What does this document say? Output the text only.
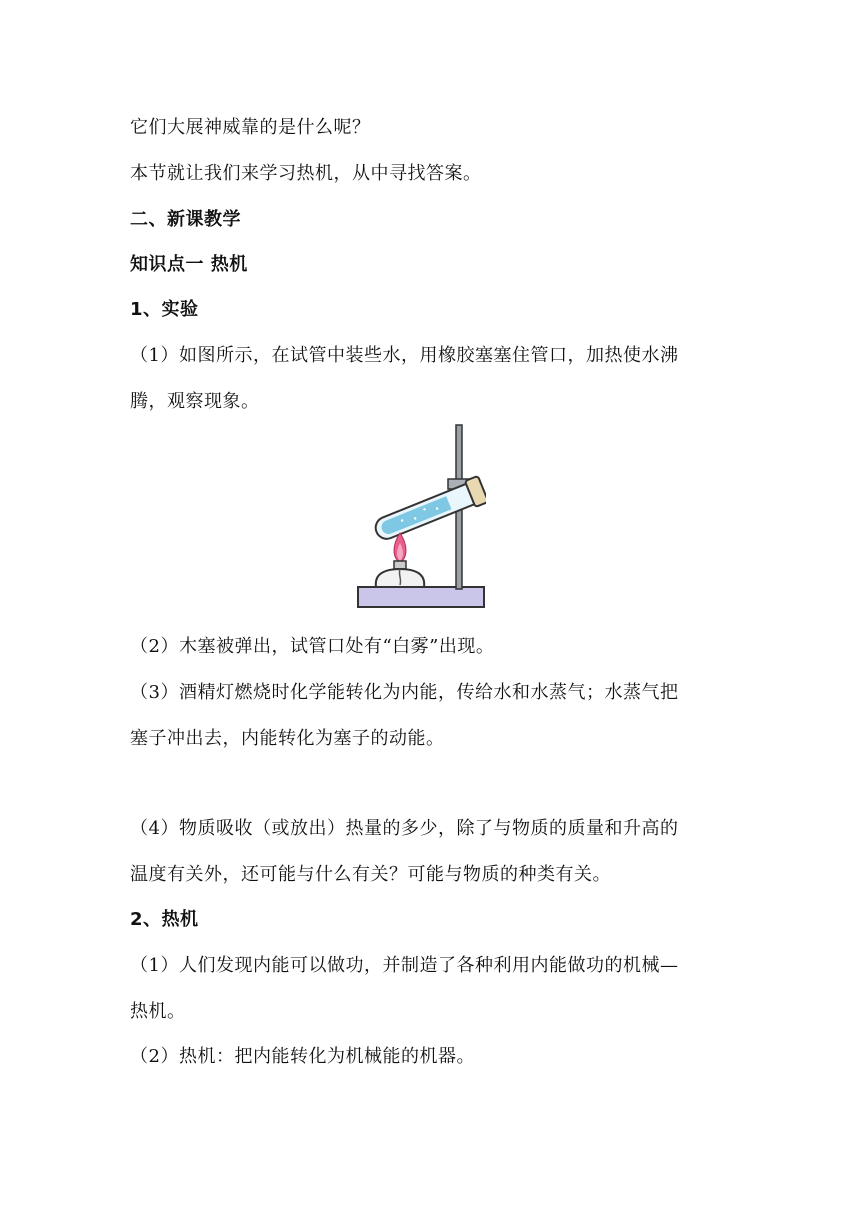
它们大展神威靠的是什么呢？
本节就让我们来学习热机，从中寻找答案。
二、新课教学
知识点一 热机
1、实验
（1）如图所示，在试管中装些水，用橡胶塞塞住管口，加热使水沸
腾，观察现象。
（2）木塞被弹出，试管口处有“白雾”出现。
（3）酒精灯燃烧时化学能转化为内能，传给水和水蒸气；水蒸气把
塞子冲出去，内能转化为塞子的动能。
（4）物质吸收（或放出）热量的多少，除了与物质的质量和升高的
温度有关外，还可能与什么有关？可能与物质的种类有关。
2、热机
（1）人们发现内能可以做功，并制造了各种利用内能做功的机械—
热机。
（2）热机：把内能转化为机械能的机器。
